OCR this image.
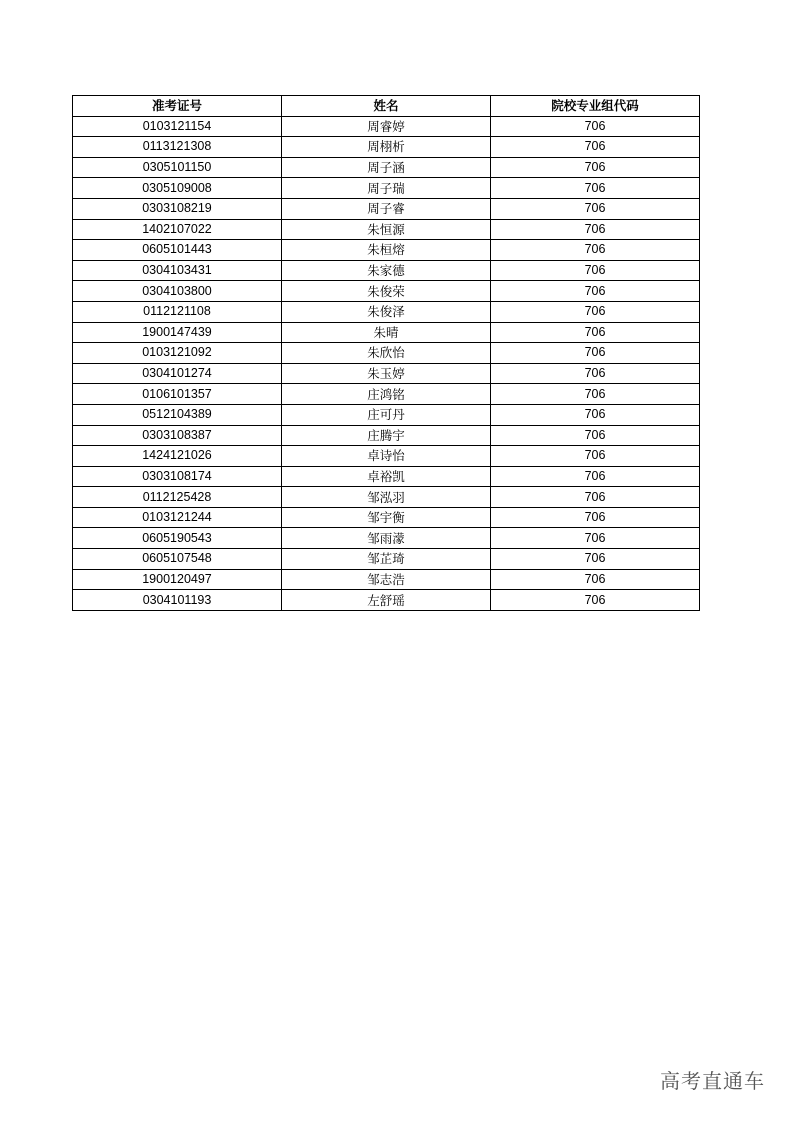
准考证号	姓名	院校专业组代码
0103121154	周睿婷	706
0113121308	周栩析	706
0305101150	周子涵	706
0305109008	周子瑞	706
0303108219	周子睿	706
1402107022	朱恒源	706
0605101443	朱桓熔	706
0304103431	朱家德	706
0304103800	朱俊荣	706
0112121108	朱俊泽	706
1900147439	朱晴	706
0103121092	朱欣怡	706
0304101274	朱玉婷	706
0106101357	庄鸿铭	706
0512104389	庄可丹	706
0303108387	庄腾宇	706
1424121026	卓诗怡	706
0303108174	卓裕凯	706
0112125428	邹泓羽	706
0103121244	邹宇衡	706
0605190543	邹雨濛	706
0605107548	邹芷琦	706
1900120497	邹志浩	706
0304101193	左舒瑶	706
高考直通车
